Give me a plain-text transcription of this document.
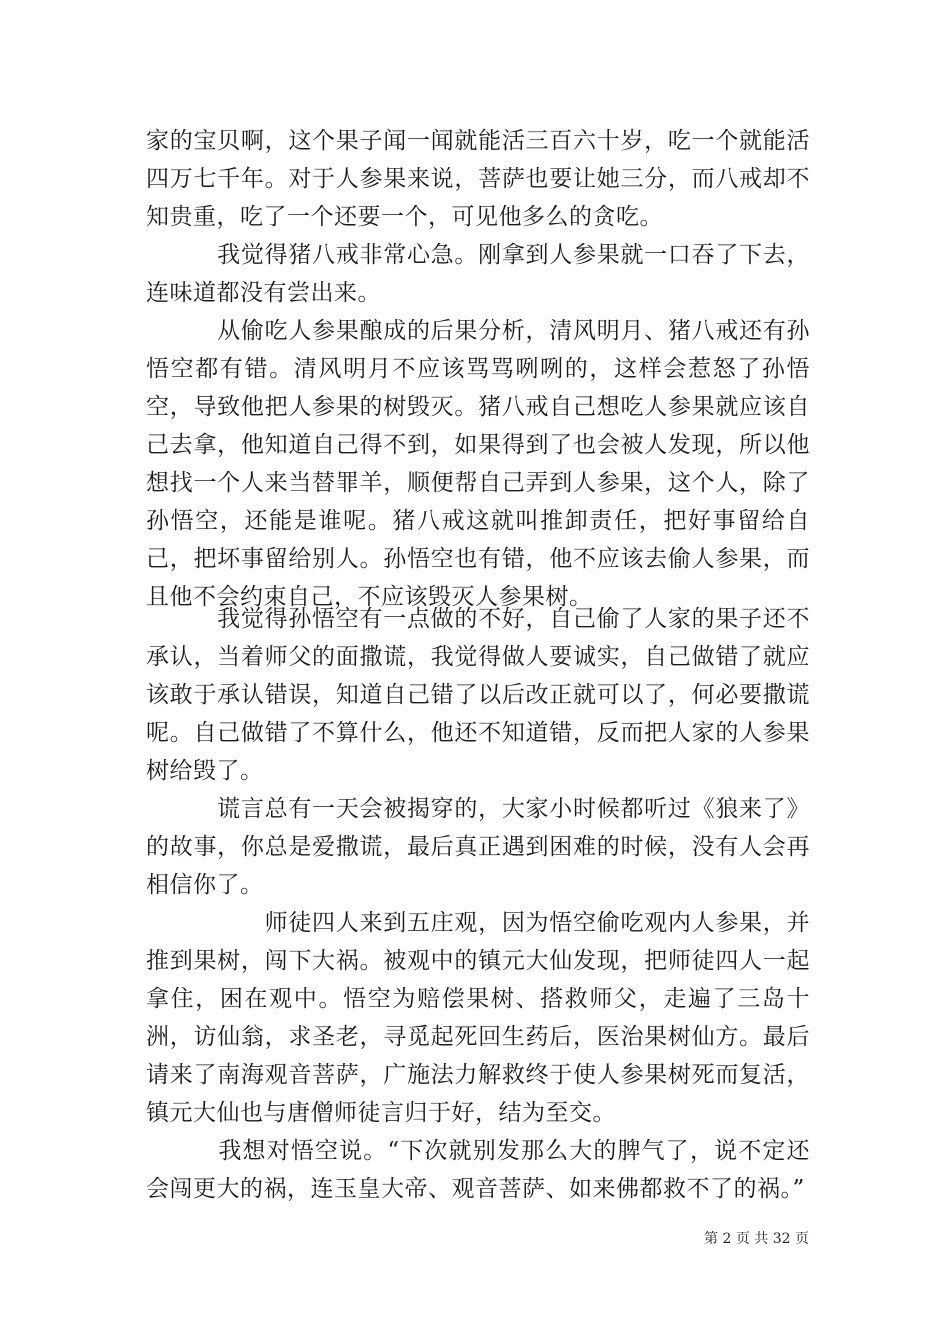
家的宝贝啊，这个果子闻一闻就能活三百六十岁，吃一个就能活四万七千年。对于人参果来说，菩萨也要让她三分，而八戒却不知贵重，吃了一个还要一个，可见他多么的贪吃。

　　　我觉得猪八戒非常心急。刚拿到人参果就一口吞了下去，连味道都没有尝出来。

　　　从偷吃人参果酿成的后果分析，清风明月、猪八戒还有孙悟空都有错。清风明月不应该骂骂咧咧的，这样会惹怒了孙悟空，导致他把人参果的树毁灭。猪八戒自己想吃人参果就应该自己去拿，他知道自己得不到，如果得到了也会被人发现，所以他想找一个人来当替罪羊，顺便帮自己弄到人参果，这个人，除了孙悟空，还能是谁呢。猪八戒这就叫推卸责任，把好事留给自己，把坏事留给别人。孙悟空也有错，他不应该去偷人参果，而且他不会约束自己，不应该毁灭人参果树。

　　　我觉得孙悟空有一点做的不好，自己偷了人家的果子还不承认，当着师父的面撒谎，我觉得做人要诚实，自己做错了就应该敢于承认错误，知道自己错了以后改正就可以了，何必要撒谎呢。自己做错了不算什么，他还不知道错，反而把人家的人参果树给毁了。

　　　谎言总有一天会被揭穿的，大家小时候都听过《狼来了》的故事，你总是爱撒谎，最后真正遇到困难的时候，没有人会再相信你了。

　　　　　师徒四人来到五庄观，因为悟空偷吃观内人参果，并推到果树，闯下大祸。被观中的镇元大仙发现，把师徒四人一起拿住，困在观中。悟空为赔偿果树、搭救师父，走遍了三岛十洲，访仙翁，求圣老，寻觅起死回生药后，医治果树仙方。最后请来了南海观音菩萨，广施法力解救终于使人参果树死而复活，镇元大仙也与唐僧师徒言归于好，结为至交。

　　　我想对悟空说。“下次就别发那么大的脾气了，说不定还会闯更大的祸，连玉皇大帝、观音菩萨、如来佛都救不了的祸。”

第 2 页 共 32 页
